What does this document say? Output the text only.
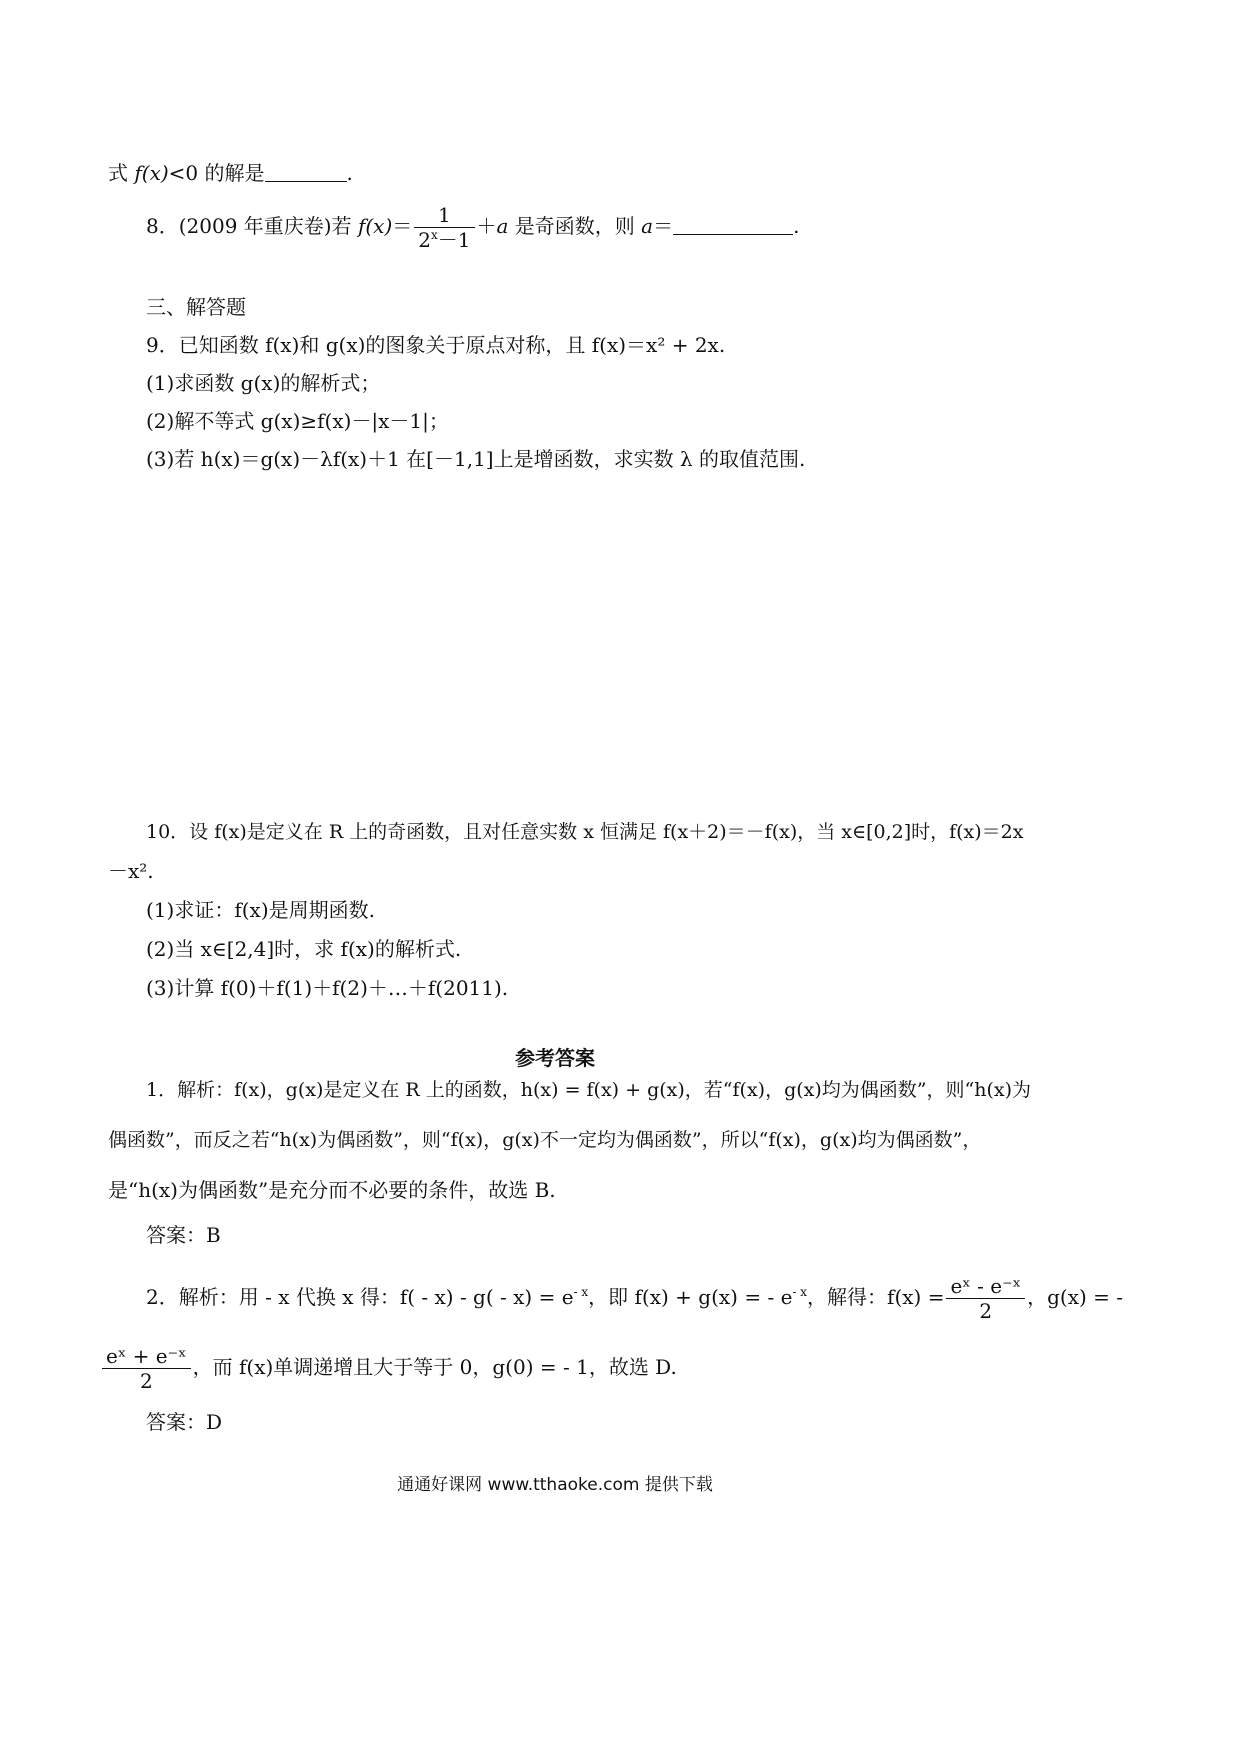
式 f(x)<0 的解是	.
8．(2009 年重庆卷)若 $f(x)= \frac{1}{2^x-1} +a$ 是奇函数，则 a＝	.
三、解答题
9．已知函数 f(x)和 g(x)的图象关于原点对称，且 f(x)＝x² + 2x.
(1)求函数 g(x)的解析式；
(2)解不等式 g(x)≥f(x)－|x－1|；
(3)若 h(x)＝g(x)－λf(x)＋1 在[－1,1]上是增函数，求实数 λ 的取值范围.
10．设 f(x)是定义在 R 上的奇函数，且对任意实数 x 恒满足 f(x＋2)＝－f(x)，当 x∈[0,2]时，f(x)＝2x
－x².
(1)求证：f(x)是周期函数.
(2)当 x∈[2,4]时，求 f(x)的解析式.
(3)计算 f(0)＋f(1)＋f(2)＋…＋f(2011).
参考答案
1．解析：f(x)，g(x)是定义在 R 上的函数，h(x) = f(x) + g(x)，若“f(x)，g(x)均为偶函数”，则“h(x)为
偶函数”，而反之若“h(x)为偶函数”，则“f(x)，g(x)不一定均为偶函数”，所以“f(x)，g(x)均为偶函数”，
是“h(x)为偶函数”是充分而不必要的条件，故选 B.
答案：B
2．解析：用 - x 代换 x 得：$f( - x) - g( - x) = e^{- x}$，即 f(x) + g(x) = - $e^{- x}$，解得：$f(x) = \frac{\text{eˣ - e⁻ˣ}}{2}$ ，g(x) = -
$\frac{\text{eˣ + e⁻ˣ}}{2}$ ，而 f(x)单调递增且大于等于 0，g(0) = - 1，故选 D.
答案：D
通通好课网 www.tthaoke.com 提供下载
